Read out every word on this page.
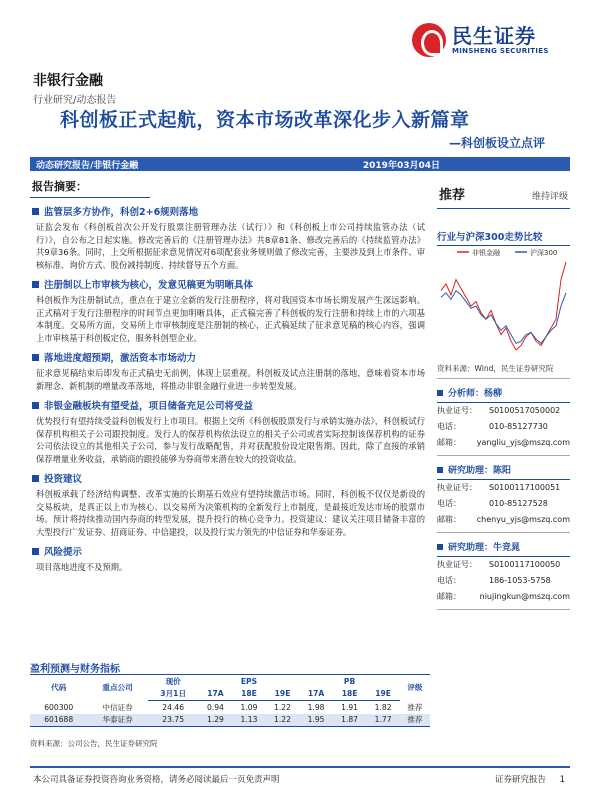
民生证券
MINSHENG SECURITIES
非银行金融
行业研究/动态报告
科创板正式起航，资本市场改革深化步入新篇章
—科创板设立点评
动态研究报告/非银行金融	2019年03月04日
报告摘要：
监管层多方协作，科创2+6规则落地
证监会发布《科创板首次公开发行股票注册管理办法（试行）》和《科创板上市公司持续监管办法（试行）》，自公布之日起实施。修改完善后的《注册管理办法》共8章81条、修改完善后的《持续监管办法》共9章36条。同时，上交所根据征求意见情况对6项配套业务规则做了修改完善，主要涉及到上市条件、审核标准、询价方式、股份减持制度、持续督导五个方面。
注册制以上市审核为核心，发意见稿更为明晰具体
科创板作为注册制试点，重点在于建立全新的发行注册程序，将对我国资本市场长期发展产生深远影响。正式稿对于发行注册程序的时间节点更加明晰具体，正式稿完善了科创板的发行注册和持续上市的六项基本制度。交易所方面，交易所上市审核制度是注册制的核心，正式稿延续了征求意见稿的核心内容，强调上市审核基于科创板定位，服务科创型企业。
落地进度超预期，激活资本市场动力
征求意见稿结束后即发布正式稿史无前例，体现上层重视。科创板及试点注册制的落地，意味着资本市场新理念、新机制的增量改革落地，将推动非银金融行业进一步转型发展。
非银金融板块有望受益，项目储备充足公司将受益
优势投行有望持续受益科创板发行上市项目。根据上交所《科创板股票发行与承销实施办法》，科创板试行保荐机构相关子公司跟投制度。发行人的保荐机构依法设立的相关子公司或者实际控制该保荐机构的证券公司依法设立的其他相关子公司，参与发行战略配售，并对获配股份设定限售期。因此，除了直接的承销保荐增量业务收益，承销商的跟投能够为券商带来潜在较大的投资收益。
投资建议
科创板承载了经济结构调整、改革实施的长期基石效应有望持续激活市场。同时，科创板不仅仅是新设的交易板块，是真正以上市为核心、以交易所为决策机构的全新发行上市制度，是最接近发达市场的股票市场。预计将持续推动国内券商的转型发展，提升投行的核心竞争力。投资建议：建议关注项目储备丰富的大型投行广发证券、招商证券、中信建投，以及投行实力领先的中信证券和华泰证券。
风险提示
项目落地进度不及预期。
推荐	维持评级
行业与沪深300走势比较
非银金融	沪深300
资料来源：Wind，民生证券研究院
分析师：杨柳
执业证号：	S0100517050002
电话：	010-85127730
邮箱：	yangliu_yjs@mszq.com
研究助理：陈阳
执业证号：	S0100117100051
电话：	010-85127528
邮箱：	chenyu_yjs@mszq.com
研究助理：牛竞晁
执业证号：	S0100117100050
电话：	186-1053-5758
邮箱：	niujingkun@mszq.com
盈利预测与财务指标
代码	重点公司	现价	EPS			PB			评级
		3月1日	17A	18E	19E	17A	18E	19E	
600300	中信证券	24.46	0.94	1.09	1.22	1.98	1.91	1.82	推荐
601688	华泰证券	23.75	1.29	1.13	1.22	1.95	1.87	1.77	推荐
资料来源：公司公告，民生证券研究院
本公司具备证券投资咨询业务资格，请务必阅读最后一页免责声明	证券研究报告 1
